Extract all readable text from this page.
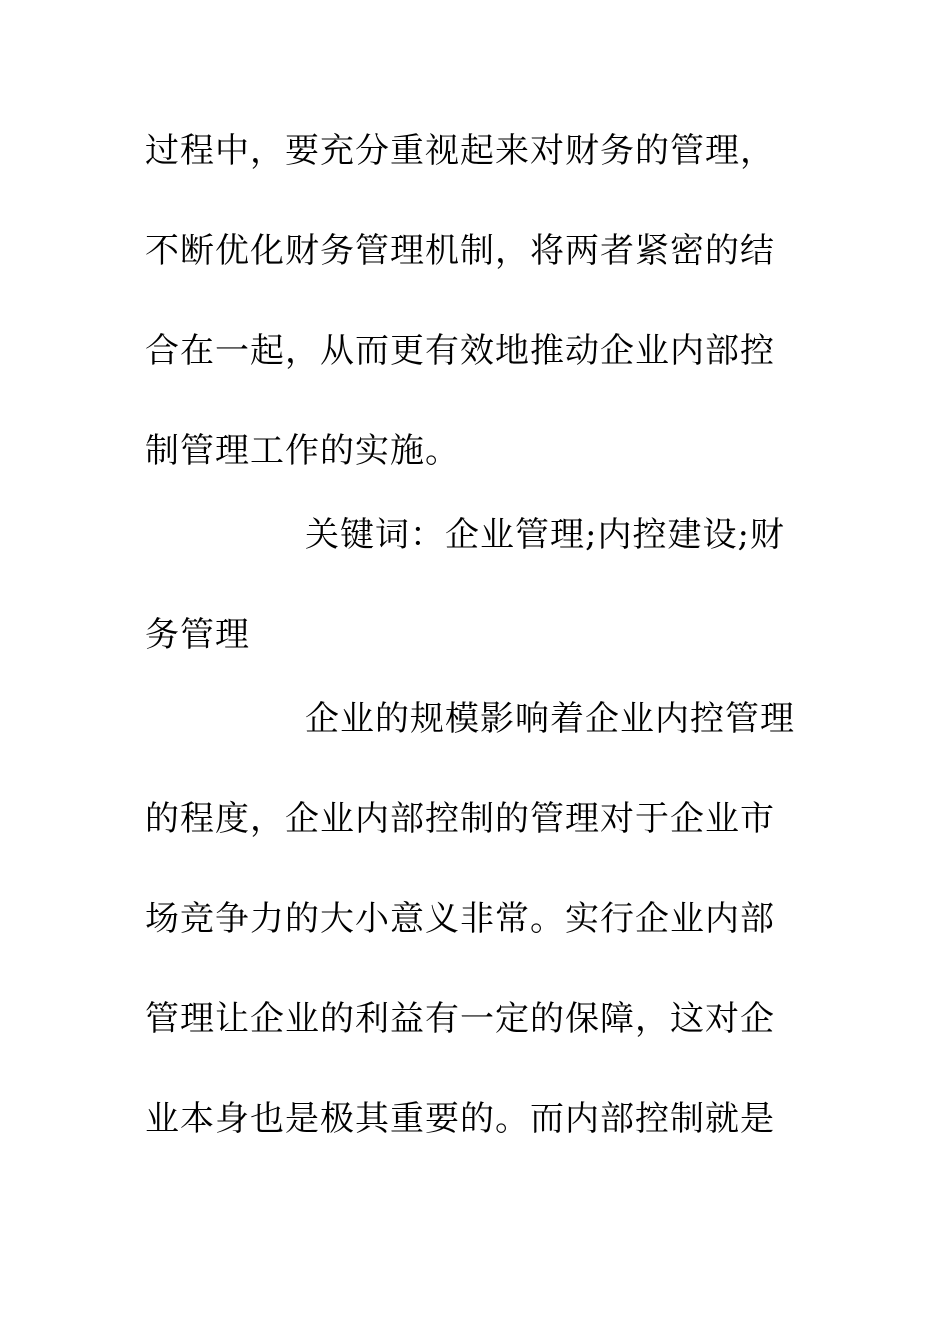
过程中，要充分重视起来对财务的管理，
不断优化财务管理机制，将两者紧密的结
合在一起，从而更有效地推动企业内部控
制管理工作的实施。
关键词：企业管理;内控建设;财
务管理
企业的规模影响着企业内控管理
的程度，企业内部控制的管理对于企业市
场竞争力的大小意义非常。实行企业内部
管理让企业的利益有一定的保障，这对企
业本身也是极其重要的。而内部控制就是
